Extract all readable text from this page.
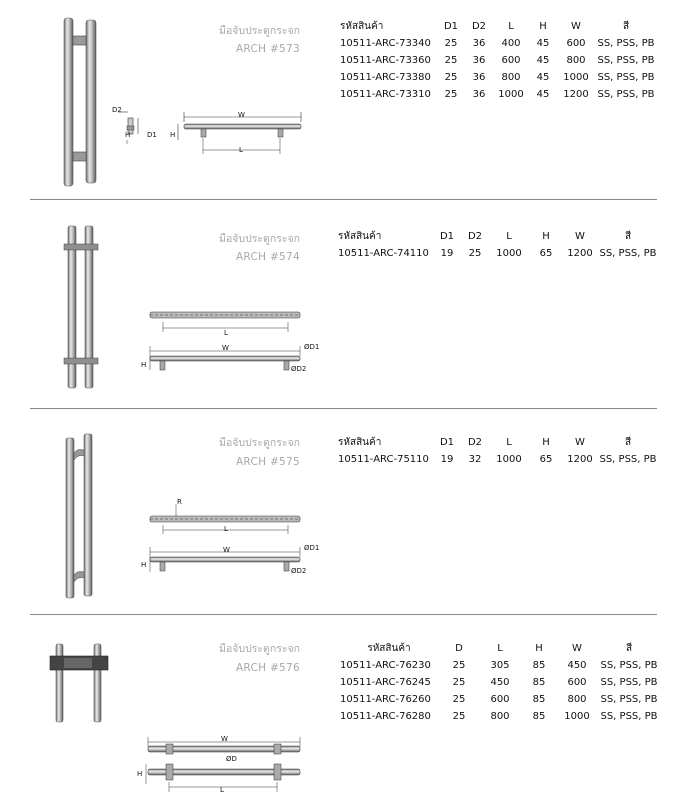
D2
H D1
W
H
L
มือจับประตูกระจก
ARCH #573
รหัสสินค้า	D1	D2	L	H	W	สี
10511-ARC-73340	25	36	400	45	600	SS, PSS, PB
10511-ARC-73360	25	36	600	45	800	SS, PSS, PB
10511-ARC-73380	25	36	800	45	1000	SS, PSS, PB
10511-ARC-73310	25	36	1000	45	1200	SS, PSS, PB
L
W
H
ØD1
ØD2
มือจับประตูกระจก
ARCH #574
รหัสสินค้า	D1	D2	L	H	W	สี
10511-ARC-74110	19	25	1000	65	1200	SS, PSS, PB
R
L
W
H
ØD1
ØD2
มือจับประตูกระจก
ARCH #575
รหัสสินค้า	D1	D2	L	H	W	สี
10511-ARC-75110	19	32	1000	65	1200	SS, PSS, PB
W
H
ØD
L
มือจับประตูกระจก
ARCH #576
รหัสสินค้า	D	L	H	W	สี
10511-ARC-76230	25	305	85	450	SS, PSS, PB
10511-ARC-76245	25	450	85	600	SS, PSS, PB
10511-ARC-76260	25	600	85	800	SS, PSS, PB
10511-ARC-76280	25	800	85	1000	SS, PSS, PB
